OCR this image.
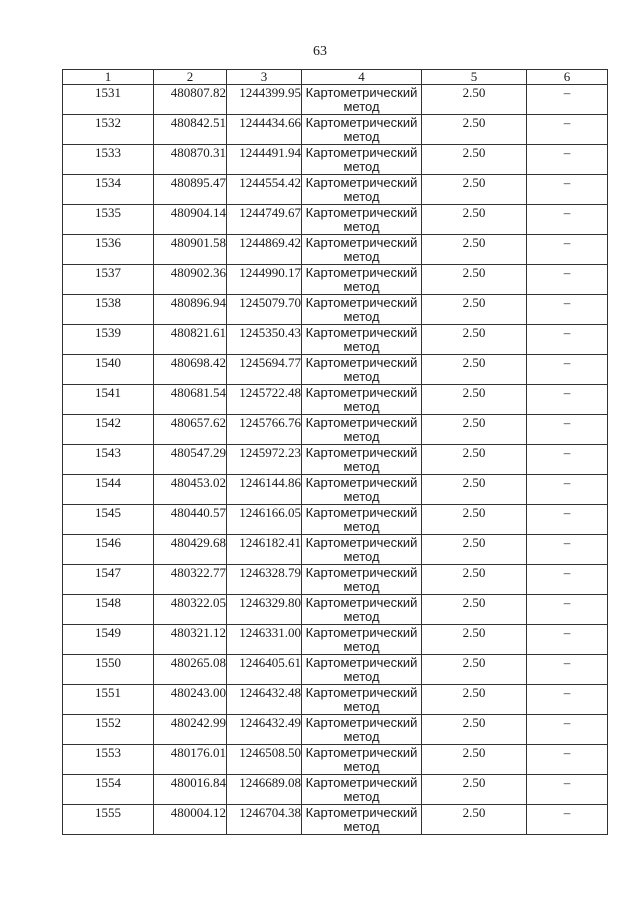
63
1	2	3	4	5	6
1531	480807.82	1244399.95	Картометрический метод	2.50	–
1532	480842.51	1244434.66	Картометрический метод	2.50	–
1533	480870.31	1244491.94	Картометрический метод	2.50	–
1534	480895.47	1244554.42	Картометрический метод	2.50	–
1535	480904.14	1244749.67	Картометрический метод	2.50	–
1536	480901.58	1244869.42	Картометрический метод	2.50	–
1537	480902.36	1244990.17	Картометрический метод	2.50	–
1538	480896.94	1245079.70	Картометрический метод	2.50	–
1539	480821.61	1245350.43	Картометрический метод	2.50	–
1540	480698.42	1245694.77	Картометрический метод	2.50	–
1541	480681.54	1245722.48	Картометрический метод	2.50	–
1542	480657.62	1245766.76	Картометрический метод	2.50	–
1543	480547.29	1245972.23	Картометрический метод	2.50	–
1544	480453.02	1246144.86	Картометрический метод	2.50	–
1545	480440.57	1246166.05	Картометрический метод	2.50	–
1546	480429.68	1246182.41	Картометрический метод	2.50	–
1547	480322.77	1246328.79	Картометрический метод	2.50	–
1548	480322.05	1246329.80	Картометрический метод	2.50	–
1549	480321.12	1246331.00	Картометрический метод	2.50	–
1550	480265.08	1246405.61	Картометрический метод	2.50	–
1551	480243.00	1246432.48	Картометрический метод	2.50	–
1552	480242.99	1246432.49	Картометрический метод	2.50	–
1553	480176.01	1246508.50	Картометрический метод	2.50	–
1554	480016.84	1246689.08	Картометрический метод	2.50	–
1555	480004.12	1246704.38	Картометрический метод	2.50	–
